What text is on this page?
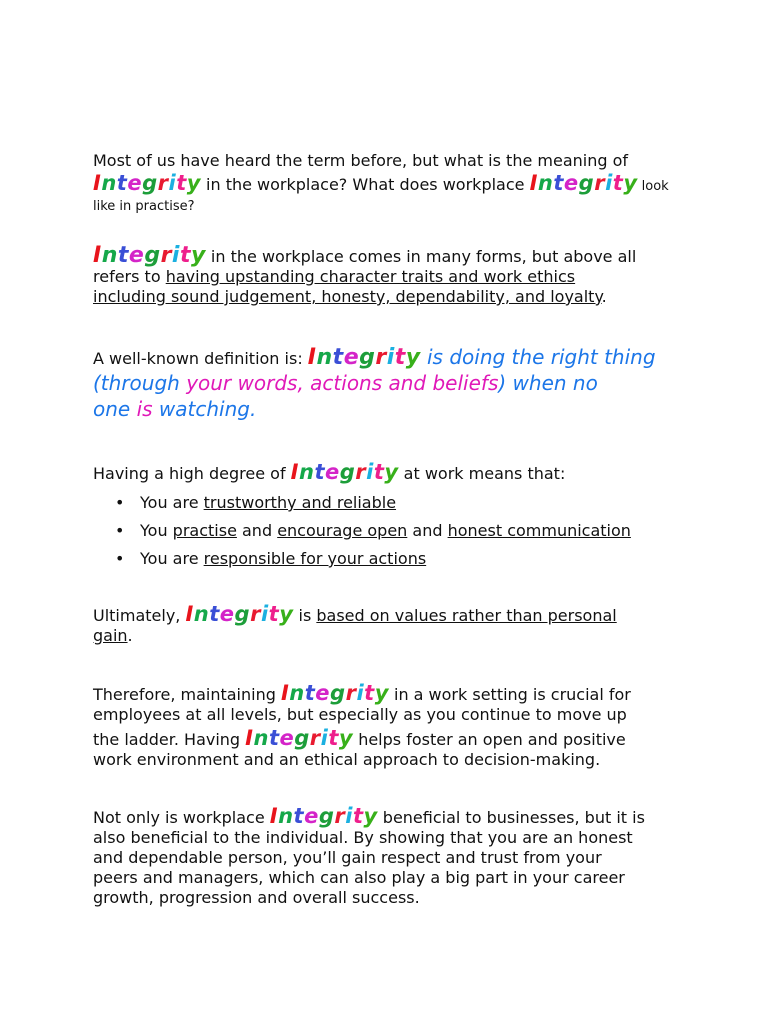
Most of us have heard the term before, but what is the meaning of
Integrity in the workplace? What does workplace Integrity look
like in practise?
Integrity in the workplace comes in many forms, but above all
refers to having upstanding character traits and work ethics
including sound judgement, honesty, dependability, and loyalty.
A well-known definition is: Integrity is doing the right thing
(through your words, actions and beliefs) when no
one is watching.
Having a high degree of Integrity at work means that:
• You are trustworthy and reliable
• You practise and encourage open and honest communication
• You are responsible for your actions
Ultimately, Integrity is based on values rather than personal
gain.
Therefore, maintaining Integrity in a work setting is crucial for
employees at all levels, but especially as you continue to move up
the ladder. Having Integrity helps foster an open and positive
work environment and an ethical approach to decision-making.
Not only is workplace Integrity beneficial to businesses, but it is
also beneficial to the individual. By showing that you are an honest
and dependable person, you’ll gain respect and trust from your
peers and managers, which can also play a big part in your career
growth, progression and overall success.
